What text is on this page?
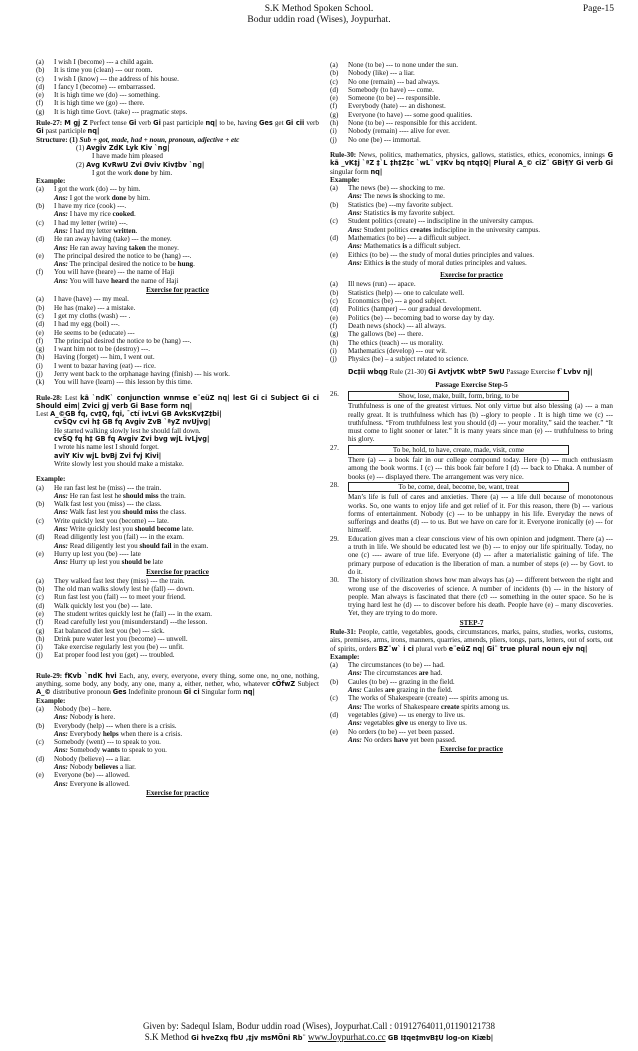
S.K Method Spoken School.
Bodur uddin road (Wises), Joypurhat.
Page-15
(a)	I wish I (become) --- a child again.
(b)	It is time you (clean) --- our room.
(c)	I wish I (know) --- the address of his house.
(d)	I fancy I (become) --- embarrassed.
(e)	It is high time we (do) --- something.
(f)	It is high time we (go) --- there.
(g)	It is high time Govt. (take) --- pragmatic steps.
Rule-27: M gj Z Perfect tense Gi verb Gi past participle nq| to be, having Ges get Gi cii verb Gi past participle nq|
Structure: (1) Sub + got, made, had + noun, pronoun, adjective + etc
(1) Avgiv ZdK Lyk Kiv `ng|
I have made him pleased
(2) Avg KvRwU Zvi Øviv Kiv‡bv `ng|
I got the work done by him.
Example:
(a)	I got the work (do) --- by him.
Ans: I got the work done by him.
(b)	I have my rice (cook) ---.
Ans: I have my rice cooked.
(c)	I had my letter (write) ---.
Ans: I had my letter written.
(d)	He ran away having (take) --- the money.
Ans: He ran away having taken the money.
(e)	The principal desired the notice to be (hang) ---.
Ans: The principal desired the notice to be hung.
(f)	You will have (heare) --- the name of Haji
Ans: You will have heard the name of Haji
Exercise for practice
(a)	I have (have) --- my meal.
(b)	He has (make) --- a mistake.
(c)	I get my cloths (wash) --- .
(d)	I had my egg (boil) ---.
(e)	He seems to be (educate) ---
(f)	The principal desired the notice to be (hang) ---.
(g)	I want him not to be (destroy) ---.
(h)	Having (forget) --- him, I went out.
(i)	I went to bazar having (eat) --- rice.
(j)	Jerry went back to the orphanage having (finish) --- his work.
(k)	You will have (learn) --- this lesson by this time.
Rule-28: Lest kã `ndK` conjunction wnmse e¨eüZ nq| lest Gi ci Subject Gi ci Should eim| Zvici gj verb Gi Base form nq|
Lest A_©GB fq, cv‡Q, fqi, ¯ctí ivLvi GB AvksKv‡Z‡bi|
cvŠQv cvi h‡ GB fq Avgiv ZvB `ªyZ nvUjvg|
He started walking slowly lest he should fall down.
cvŠQ fq h‡ GB fq Avgiv Zvi bvg wjL ivLjvg|
I wrote his name lest I should forget.
aviY Kiv wjL bvBj Zvi fvj Kivi|
Write slowly lest you should make a mistake.
Example:
(a)	He ran fast lest he (miss) --- the train.
Ans: He ran fast lest he should miss the train.
(b)	Walk fast lest you (miss) --- the class.
Ans: Walk fast lest you should miss the class.
(c)	Write quickly lest you (become) --- late.
Ans: Write quickly lest you should become late.
(d)	Read diligently lest you (fail) --- in the exam.
Ans: Read diligently lest you should fail in the exam.
(e)	Hurry up lest you (be) ---- late
Ans: Hurry up lest you should be late
Exercise for practice
(a)	They walked fast lest they (miss) --- the train.
(b)	The old man walks slowly lest he (fall) --- down.
(c)	Run fast lest you (fail) --- to meet your friend.
(d)	Walk quickly lest you (be) --- late.
(e)	The student writes quickly lest he (fail) --- in the exam.
(f)	Read carefully lest you (misunderstand) ---the lesson.
(g)	Eat balanced diet lest you (be) --- sick.
(h)	Drink pure water lest you (become) --- unwell.
(i)	Take exercise regularly lest you (be) --- unfit.
(j)	Eat proper food lest you (get) --- troubled.
Rule-29: fKvb `ndK hvi Each, any, every, everyone, every thing, some one, no one, nothing, anything, some body, any body, any one, many a, either, nether, who, whatever cÖfwZ Subject A_© distributive pronoun Ges Indefinite pronoun Gi ci Singular form nq|
Example:
(a)	Nobody (be) – here.
Ans: Nobody is here.
(b)	Everybody (help) --- when there is a crisis.
Ans: Everybody helps when there is a crisis.
(c)	Somebody (went) --- to speak to you.
Ans: Somebody wants to speak to you.
(d)	Nobody (believe) --- a liar.
Ans: Nobody believes a liar.
(e)	Everyone (be) --- allowed.
Ans: Everyone is allowed.
Exercise for practice
(a)	None (to be) --- to none under the sun.
(b)	Nobody (like) --- a liar.
(c)	No one (remain) --- bad always.
(d)	Somebody (to have) --- come.
(e)	Someone (to be) --- responsible.
(f)	Everybody (hate) --- an dishonest.
(g)	Everyone (to have) --- some good qualities.
(h)	None (to be) --- responsible for this accident.
(i)	Nobody (remain) ---- alive for ever.
(j)	No one (be) --- immortal.
Rule-30: News, politics, mathematics, physics, gallows, statistics, ethics, economics, innings G kã _vK‡j `ªZ ‡`L ‡h‡Z‡c `wL¨ v‡Kv bq ntq‡Q| Plural A_© ciZ¨ GBi¶Y Gi verb Gi singular form nq|
Example:
(a)	The news (be) --- shocking to me.
Ans: The news is shocking to me.
(b)	Statistics (be) ---my favorite subject.
Ans: Statistics is my favorite subject.
(c)	Student politics (create) --- indiscipline in the university campus.
Ans: Student politics creates indiscipline in the university campus.
(d)	Mathematics (to be) ---- a difficult subject.
Ans: Mathematics is a difficult subject.
(e)	Eithics (to be) --- the study of moral duties principles and values.
Ans: Eithics is the study of moral duties principles and values.
Exercise for practice
(a)	Ill news (run) --- apace.
(b)	Statistics (help) --- one to calculate well.
(c)	Economics (be) --- a good subject.
(d)	Politics (hamper) --- our gradual development.
(e)	Politics (be) --- becoming bad to worse day by day.
(f)	Death news (shock) --- all always.
(g)	The gallows (be) --- there.
(h)	The ethics (teach) --- us morality.
(i)	Mathematics (develop) --- our wit.
(j)	Physics (be) – a subject related to science.
Dc‡ii wbqg Rule (21-30) Gi AvtjvtK wbtP 5wU Passage Exercise f`Lvbv nj|
Passage Exercise Step-5
26.	Show, lose, make, built, form, bring, to be
Truthfulness is one of the greatest virtues. Not only virtue but also blessing (a) --- a man really great. It is truthfulness which has (b) --glory to people . It is high time we (c) --- truthfulness. “From truthfulness lest you should (d) --- your morality,” said the teacher.” “It must come to light sooner or later.” It is many years since man (e) --- truthfulness to bring his glory.
27.	To be, hold, to have, create, made, visit, come
There (a) --- a book fair in our college compound today. Here (b) --- much enthusiasm among the book worms. I (c) --- this book fair before I (d) --- back to Dhaka. A number of books (e) --- displayed there. The arrangement was very nice.
28.	To be, come, deal, become, be, want, treat
Man’s life is full of cares and anxieties. There (a) --- a life dull because of monotonous works. So, one wants to enjoy life and get relief of it. For this reason, there (b) --- various forms of entertainment. Nobody (c) --- to be unhappy in his life. Everyday the news of sufferings and deaths (d) --- to us. But we have on care for it. Everyone ironically (e) --- for himself.
29.	Education gives man a clear conscious view of his own opinion and judgment. There (a) --- a truth in life. We should be educated lest we (b) --- to enjoy our life spiritually. Today, no one (c) ---- aware of true life. Everyone (d) --- after a materialistic gaining of life. The primary purpose of education is the liberation of man. a number of steps (e) --- by Govt. to do it.
30.	The history of civilization shows how man always has (a) --- different between the right and wrong use of the discoveries of science. A number of incidents (b) --- in the history of people. Man always is fascinated that there (c0 --- something in the outer space. So he is trying hard lest he (d) --- to discover before his death. People have (e) – many discoveries. Yet, they are trying to do more.
STEP-7
Rule-31: People, cattle, vegetables, goods, circumstances, marks, pains, studies, works, customs, airs, premises, arms, irons, manners, quarries, amends, pliers, tongs, parts, letters, out of sorts, out of spirits, orders BZ¨w` i ci plural verb e¨eüZ nq| Gi¨ true plural noun ejv nq|
Example:
(a)	The circumstances (to be) --- had.
Ans: The circumstances are had.
(b)	Caules (to be) --- grazing in the field.
Ans: Caules are grazing in the field.
(c)	The works of Shakespeare (create) ---- spirits among us.
Ans: The works of Shakespeare create spirits among us.
(d)	vegetables (give) --- us energy to live us.
Ans: vegetables give us energy to live us.
(e)	No orders (to be) --- yet been passed.
Ans: No orders have yet been passed.
Exercise for practice
Given by: Sadequl Islam, Bodur uddin road (Wises), Joypurhat.Call : 01912764011,01190121738
S.K Method Gi hveZxq fbU ,‡jv msMÖni Rb¨ www.Joypurhat.co.cc GB I‡qe‡mvB‡U log-on Kiæb|
